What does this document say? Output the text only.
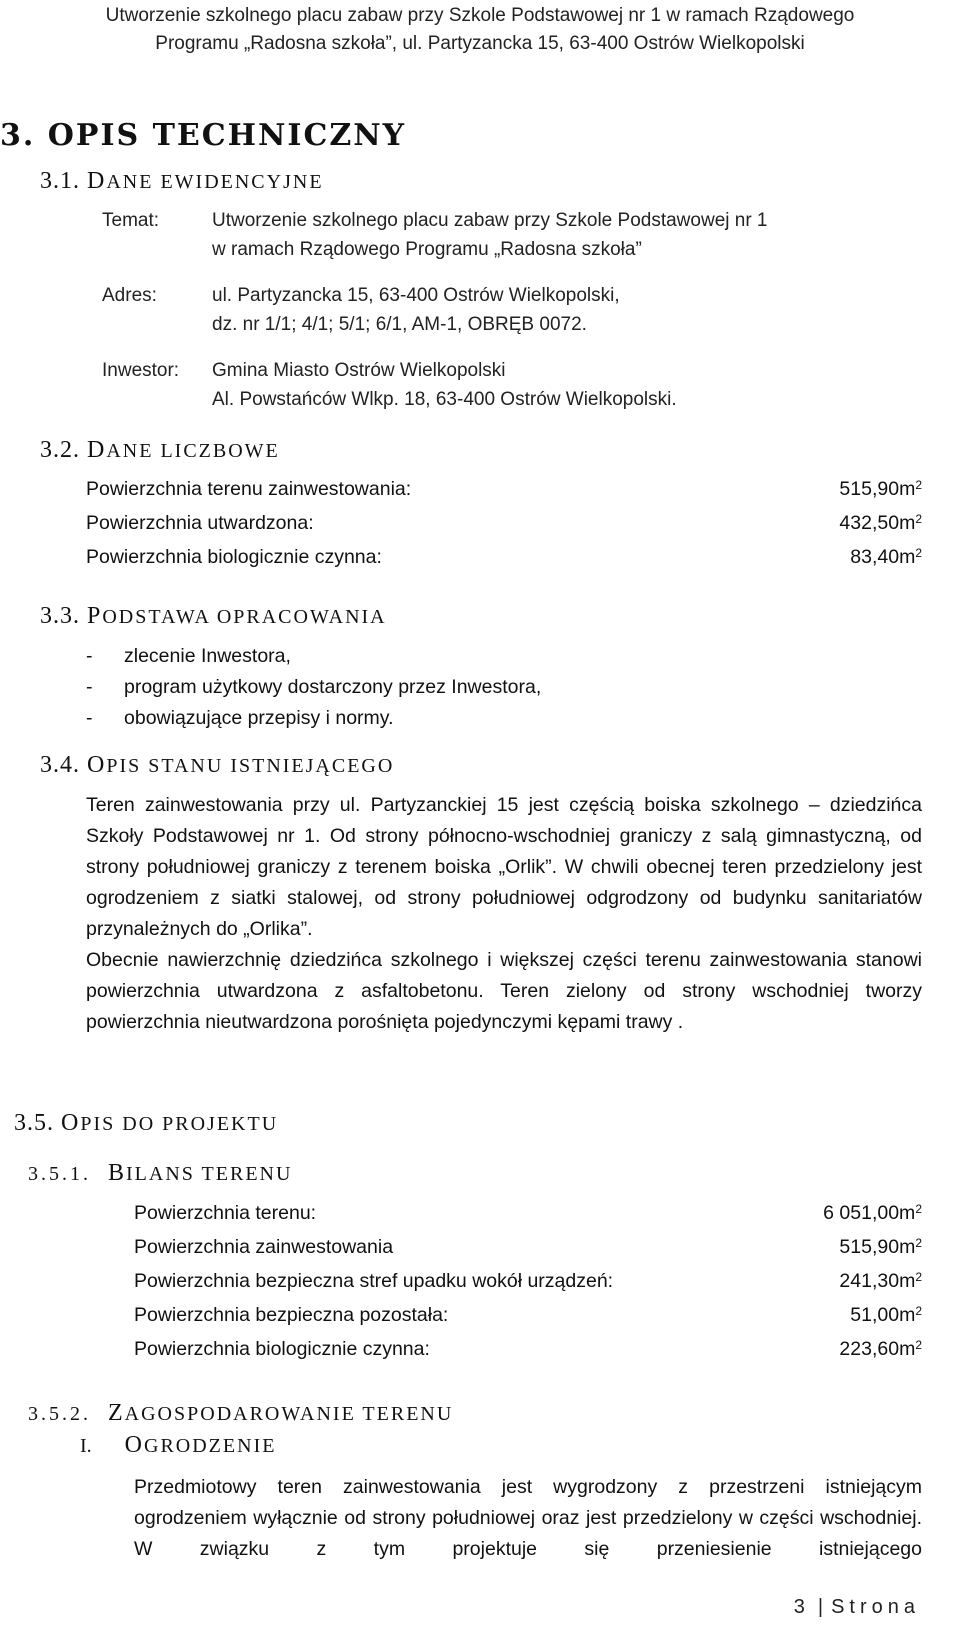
Utworzenie szkolnego placu zabaw przy Szkole Podstawowej nr 1 w ramach Rządowego
Programu „Radosna szkoła”, ul. Partyzancka 15, 63-400 Ostrów Wielkopolski
3. OPIS TECHNICZNY
3.1. DANE EWIDENCYJNE
Temat:	Utworzenie szkolnego placu zabaw przy Szkole Podstawowej nr 1
w ramach Rządowego Programu „Radosna szkoła”
Adres:	ul. Partyzancka 15, 63-400 Ostrów Wielkopolski,
dz. nr 1/1; 4/1; 5/1; 6/1, AM-1, OBRĘB 0072.
Inwestor: Gmina Miasto Ostrów Wielkopolski
Al. Powstańców Wlkp. 18, 63-400 Ostrów Wielkopolski.
3.2. DANE LICZBOWE
Powierzchnia terenu zainwestowania:	$515,90m^2$
Powierzchnia utwardzona:	$432,50m^2$
Powierzchnia biologicznie czynna:	$83,40m^2$
3.3. PODSTAWA OPRACOWANIA
- zlecenie Inwestora,
- program użytkowy dostarczony przez Inwestora,
- obowiązujące przepisy i normy.
3.4. OPIS STANU ISTNIEJĄCEGO

Teren zainwestowania przy ul. Partyzanckiej 15 jest częścią boiska szkolnego – dziedzińca Szkoły Podstawowej nr 1. Od strony północno-wschodniej graniczy z salą gimnastyczną, od strony południowej graniczy z terenem boiska „Orlik”. W chwili obecnej teren przedzielony jest ogrodzeniem z siatki stalowej, od strony południowej odgrodzony od budynku sanitariatów przynależnych do „Orlika”.

Obecnie nawierzchnię dziedzińca szkolnego i większej części terenu zainwestowania stanowi powierzchnia utwardzona z asfaltobetonu. Teren zielony od strony wschodniej tworzy powierzchnia nieutwardzona porośnięta pojedynczymi kępami trawy .

3.5. OPIS DO PROJEKTU
3.5.1. BILANS TERENU
Powierzchnia terenu:	6 $051,00m^2$
Powierzchnia zainwestowania	$515,90m^2$
Powierzchnia bezpieczna stref upadku wokół urządzeń:	$241,30m^2$
Powierzchnia bezpieczna pozostała:	$51,00m^2$
Powierzchnia biologicznie czynna:	$223,60m^2$
3.5.2. ZAGOSPODAROWANIE TERENU
I. OGRODZENIE

Przedmiotowy teren zainwestowania jest wygrodzony z przestrzeni istniejącym ogrodzeniem wyłącznie od strony południowej oraz jest przedzielony w części wschodniej. W związku z tym projektuje się przeniesienie istniejącego

3 | Strona
